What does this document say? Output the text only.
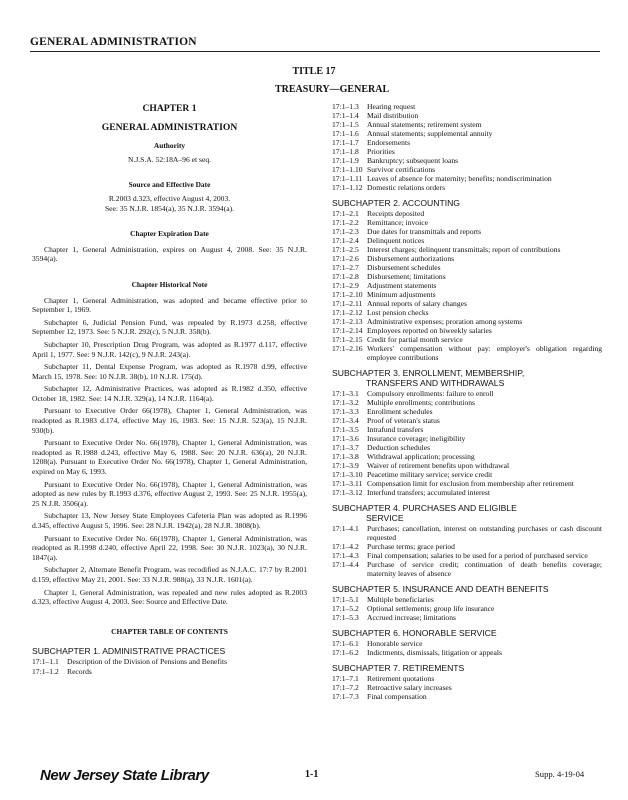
GENERAL ADMINISTRATION
TITLE 17
TREASURY—GENERAL
CHAPTER 1
GENERAL ADMINISTRATION
Authority
N.J.S.A. 52:18A–96 et seq.
Source and Effective Date
R.2003 d.323, effective August 4, 2003.
See: 35 N.J.R. 1854(a), 35 N.J.R. 3594(a).
Chapter Expiration Date
Chapter 1, General Administration, expires on August 4, 2008. See: 35 N.J.R. 3594(a).
Chapter Historical Note
Chapter 1, General Administration, was adopted and became effective prior to September 1, 1969.
Subchapter 6, Judicial Pension Fund, was repealed by R.1973 d.258, effective September 12, 1973. See: 5 N.J.R. 292(c), 5 N.J.R. 358(b).
Subchapter 10, Prescription Drug Program, was adopted as R.1977 d.117, effective April 1, 1977. See: 9 N.J.R. 142(c), 9 N.J.R. 243(a).
Subchapter 11, Dental Expense Program, was adopted as R.1978 d.99, effective March 15, 1978. See: 10 N.J.R. 38(b), 10 N.J.R. 175(d).
Subchapter 12, Administrative Practices, was adopted as R.1982 d.350, effective October 18, 1982. See: 14 N.J.R. 329(a), 14 N.J.R. 1164(a).
Pursuant to Executive Order 66(1978), Chapter 1, General Administration, was readopted as R.1983 d.174, effective May 16, 1983. See: 15 N.J.R. 523(a), 15 N.J.R. 930(b).
Pursuant to Executive Order No. 66(1978), Chapter 1, General Administration, was readopted as R.1988 d.243, effective May 6, 1988. See: 20 N.J.R. 636(a), 20 N.J.R. 1208(a). Pursuant to Executive Order No. 66(1978), Chapter 1, General Administration, expired on May 6, 1993.
Pursuant to Executive Order No. 66(1978), Chapter 1, General Administration, was adopted as new rules by R.1993 d.376, effective August 2, 1993. See: 25 N.J.R. 1955(a), 25 N.J.R. 3506(a).
Subchapter 13, New Jersey State Employees Cafeteria Plan was adopted as R.1996 d.345, effective August 5, 1996. See: 28 N.J.R. 1942(a), 28 N.J.R. 3808(b).
Pursuant to Executive Order No. 66(1978), Chapter 1, General Administration, was readopted as R.1998 d.240, effective April 22, 1998. See: 30 N.J.R. 1023(a), 30 N.J.R. 1847(a).
Subchapter 2, Alternate Benefit Program, was recodified as N.J.A.C. 17:7 by R.2001 d.159, effective May 21, 2001. See: 33 N.J.R. 988(a), 33 N.J.R. 1601(a).
Chapter 1, General Administration, was repealed and new rules adopted as R.2003 d.323, effective August 4, 2003. See: Source and Effective Date.
CHAPTER TABLE OF CONTENTS
SUBCHAPTER 1. ADMINISTRATIVE PRACTICES
17:1–1.1	Description of the Division of Pensions and Benefits
17:1–1.2	Records
17:1–1.3	Hearing request
17:1–1.4	Mail distribution
17:1–1.5	Annual statements; retirement system
17:1–1.6	Annual statements; supplemental annuity
17:1–1.7	Endorsements
17:1–1.8	Priorities
17:1–1.9	Bankruptcy; subsequent loans
17:1–1.10 Survivor certifications
17:1–1.11 Leaves of absence for maternity; benefits; nondiscrimination
17:1–1.12 Domestic relations orders
SUBCHAPTER 2. ACCOUNTING
17:1–2.1	Receipts deposited
17:1–2.2	Remittance; invoice
17:1–2.3	Due dates for transmittals and reports
17:1–2.4	Delinquent notices
17:1–2.5	Interest charges; delinquent transmittals; report of contributions
17:1–2.6	Disbursement authorizations
17:1–2.7	Disbursement schedules
17:1–2.8	Disbursement; limitations
17:1–2.9	Adjustment statements
17:1–2.10 Minimum adjustments
17:1–2.11 Annual reports of salary changes
17:1–2.12 Lost pension checks
17:1–2.13 Administrative expenses; proration among systems
17:1–2.14 Employees reported on biweekly salaries
17:1–2.15 Credit for partial month service
17:1–2.16 Workers' compensation without pay: employer's obligation regarding employee contributions
SUBCHAPTER 3. ENROLLMENT, MEMBERSHIP,
TRANSFERS AND WITHDRAWALS
17:1–3.1	Compulsory enrollments: failure to enroll
17:1–3.2	Multiple enrollments; contributions
17:1–3.3	Enrollment schedules
17:1–3.4	Proof of veteran's status
17:1–3.5	Intrafund transfers
17:1–3.6	Insurance coverage; ineligibility
17:1–3.7	Deduction schedules
17:1–3.8	Withdrawal application; processing
17:1–3.9	Waiver of retirement benefits upon withdrawal
17:1–3.10 Peacetime military service; service credit
17:1–3.11 Compensation limit for exclusion from membership after retirement
17:1–3.12 Interfund transfers; accumulated interest
SUBCHAPTER 4. PURCHASES AND ELIGIBLE
SERVICE
17:1–4.1	Purchases; cancellation, interest on outstanding purchases or cash discount requested
17:1–4.2	Purchase terms; grace period
17:1–4.3	Final compensation; salaries to be used for a period of purchased service
17:1–4.4	Purchase of service credit; continuation of death benefits coverage; maternity leaves of absence
SUBCHAPTER 5. INSURANCE AND DEATH BENEFITS
17:1–5.1	Multiple beneficiaries
17:1–5.2	Optional settlements; group life insurance
17:1–5.3	Accrued increase; limitations
SUBCHAPTER 6. HONORABLE SERVICE
17:1–6.1	Honorable service
17:1–6.2	Indictments, dismissals, litigation or appeals
SUBCHAPTER 7. RETIREMENTS
17:1–7.1	Retirement quotations
17:1–7.2	Retroactive salary increases
17:1–7.3	Final compensation
New Jersey State Library	1-1	Supp. 4-19-04
